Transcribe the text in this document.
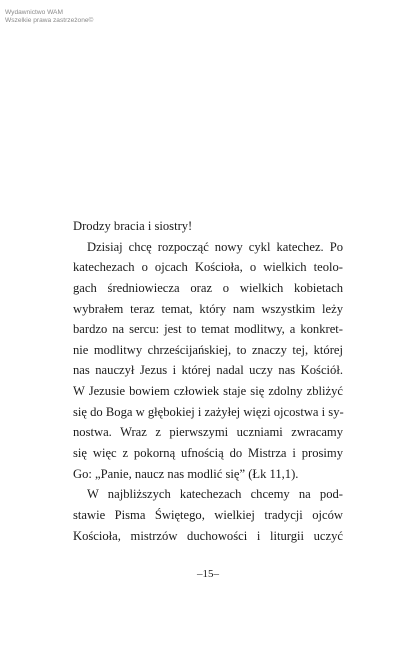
Wydawnictwo WAM
Wszelkie prawa zastrzeżone©
Drodzy bracia i siostry!
Dzisiaj chcę rozpocząć nowy cykl katechez. Po
katechezach o ojcach Kościoła, o wielkich teolo-
gach średniowiecza oraz o wielkich kobietach
wybrałem teraz temat, który nam wszystkim leży
bardzo na sercu: jest to temat modlitwy, a konkret-
nie modlitwy chrześcijańskiej, to znaczy tej, której
nas nauczył Jezus i której nadal uczy nas Kościół.
W Jezusie bowiem człowiek staje się zdolny zbliżyć
się do Boga w głębokiej i zażyłej więzi ojcostwa i sy-
nostwa. Wraz z pierwszymi uczniami zwracamy
się więc z pokorną ufnością do Mistrza i prosimy
Go: „Panie, naucz nas modlić się” (Łk 11,1).
W najbliższych katechezach chcemy na pod-
stawie Pisma Świętego, wielkiej tradycji ojców
Kościoła, mistrzów duchowości i liturgii uczyć
–15–
